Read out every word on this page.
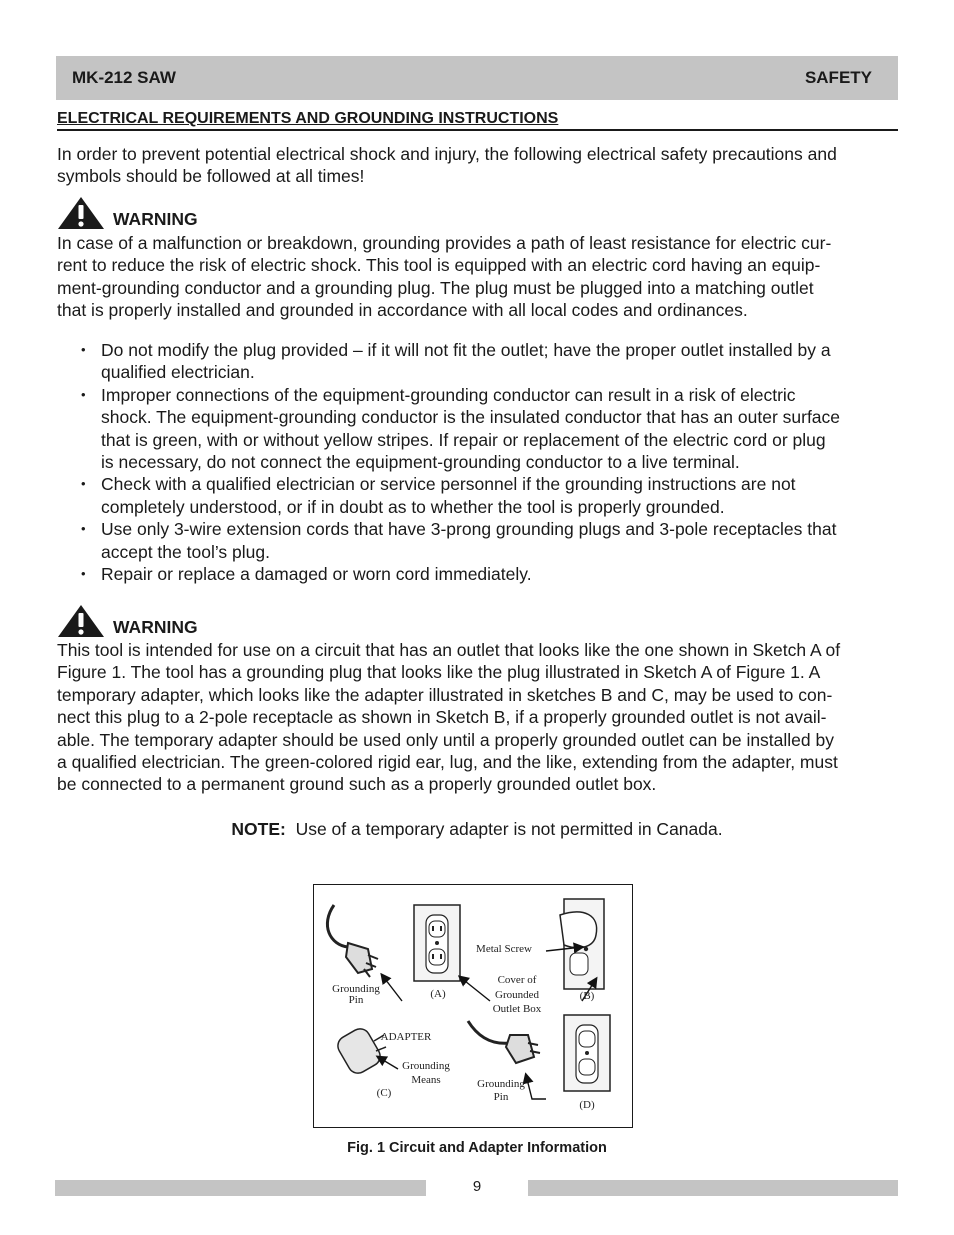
MK-212 SAW	SAFETY
ELECTRICAL REQUIREMENTS AND GROUNDING INSTRUCTIONS

In order to prevent potential electrical shock and injury, the following electrical safety precautions and symbols should be followed at all times!

WARNING
In case of a malfunction or breakdown, grounding provides a path of least resistance for electric cur-
rent to reduce the risk of electric shock. This tool is equipped with an electric cord having an equip-
ment-grounding conductor and a grounding plug. The plug must be plugged into a matching outlet
that is properly installed and grounded in accordance with all local codes and ordinances.
• Do not modify the plug provided – if it will not fit the outlet; have the proper outlet installed by a
qualified electrician.
• Improper connections of the equipment-grounding conductor can result in a risk of electric
shock. The equipment-grounding conductor is the insulated conductor that has an outer surface
that is green, with or without yellow stripes. If repair or replacement of the electric cord or plug
is necessary, do not connect the equipment-grounding conductor to a live terminal.
• Check with a qualified electrician or service personnel if the grounding instructions are not
completely understood, or if in doubt as to whether the tool is properly grounded.
• Use only 3-wire extension cords that have 3-prong grounding plugs and 3-pole receptacles that
accept the tool’s plug.
• Repair or replace a damaged or worn cord immediately.
WARNING
This tool is intended for use on a circuit that has an outlet that looks like the one shown in Sketch A of
Figure 1. The tool has a grounding plug that looks like the plug illustrated in Sketch A of Figure 1. A
temporary adapter, which looks like the adapter illustrated in sketches B and C, may be used to con-
nect this plug to a 2-pole receptacle as shown in Sketch B, if a properly grounded outlet is not avail-
able. The temporary adapter should be used only until a properly grounded outlet can be installed by
a qualified electrician. The green-colored rigid ear, lug, and the like, extending from the adapter, must
be connected to a permanent ground such as a properly grounded outlet box.
NOTE: Use of a temporary adapter is not permitted in Canada.
Grounding
Pin	(A)
Metal Screw
Cover of
Grounded
Outlet Box
(B)
ADAPTER
Grounding
Means
(C)
Grounding
Pin
(D)
Fig. 1 Circuit and Adapter Information
9
